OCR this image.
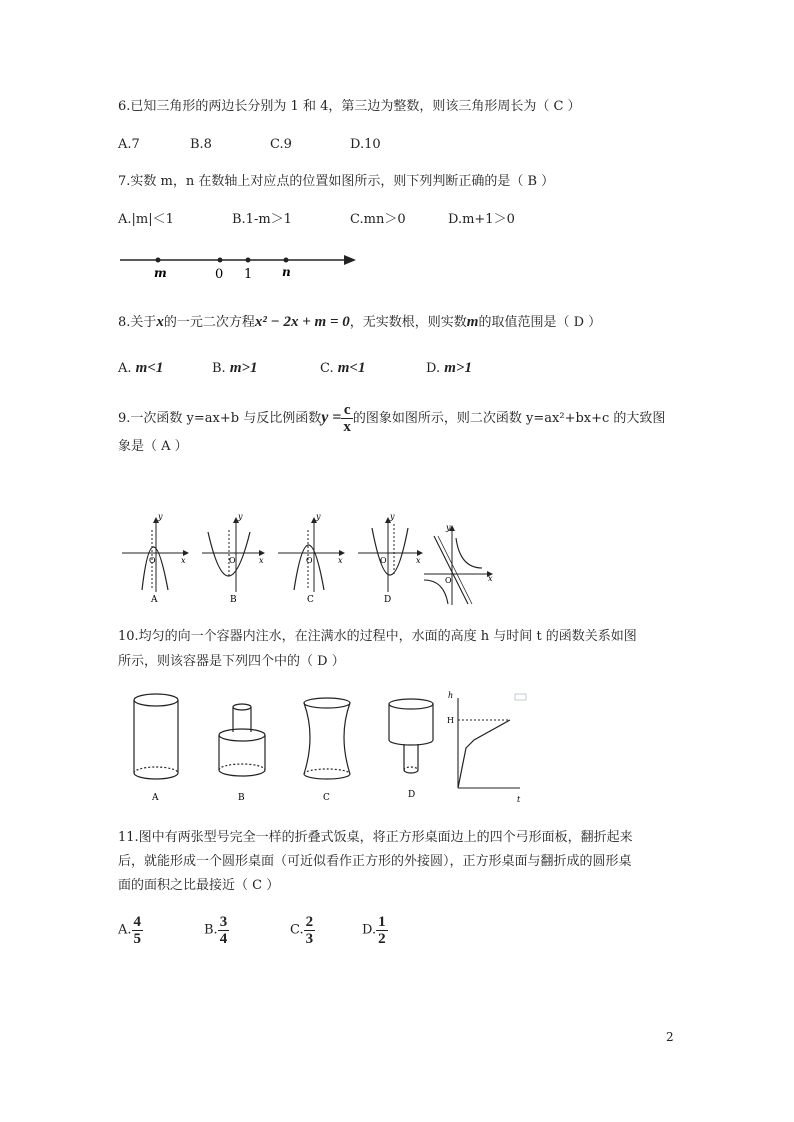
6.已知三角形的两边长分别为 1 和 4，第三边为整数，则该三角形周长为（ C ）
A.7	B.8	C.9	D.10
7.实数 m，n 在数轴上对应点的位置如图所示，则下列判断正确的是（ B ）
A.|m|＜1	B.1-m＞1	C.mn＞0	D.m+1＞0
m	0 1 n
8.关于x的一元二次方程x² − 2x + m = 0，无实数根，则实数m的取值范围是（ D ）
A. m<1	B. m>1	C. m<1	D. m>1
9.一次函数 y=ax+b 与反比例函数$y = \frac{c}{x}$ 的图象如图所示，则二次函数 y=ax²+bx+c 的大致图
象是（ A ）
y
x
O
A
y
x
O
B
y
x
O
C
y
x
O
D
y
x
O
10.均匀的向一个容器内注水，在注满水的过程中，水面的高度 h 与时间 t 的函数关系如图
所示，则该容器是下列四个中的（ D ）
A	B	C	D
h
H
t
11.图中有两张型号完全一样的折叠式饭桌，将正方形桌面边上的四个弓形面板，翻折起来
后，就能形成一个圆形桌面（可近似看作正方形的外接圆），正方形桌面与翻折成的圆形桌
面的面积之比最接近（ C ）
A. $\frac{4}{5}$	B. $\frac{3}{4}$	C. $\frac{2}{3}$	D. $\frac{1}{2}$
2
